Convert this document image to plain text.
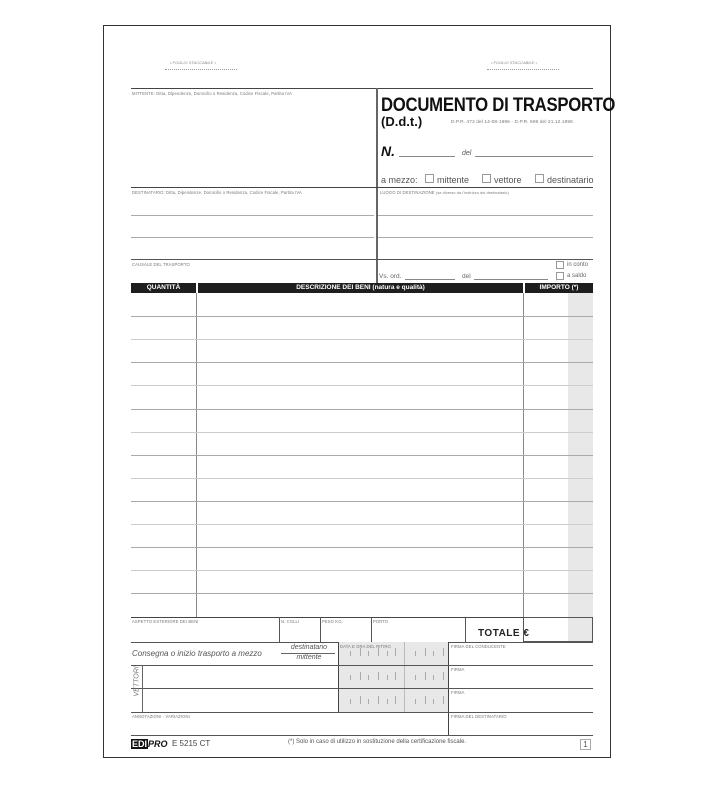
• FOGLIO STACCABILE •	• FOGLIO STACCABILE •
MITTENTE: Ditta, Dipendenze, Domicilio o Residenza, Codice Fiscale, Partita IVA
DOCUMENTO DI TRASPORTO
(D.d.t.)	D.P.R. 472 del 14-08-1996 - D.P.R. 696 del 21.12.1996
N.	del
a mezzo: mittente	vettore	destinatario
DESTINATARIO: Ditta, Dipendenze, Domicilio o Residenza, Codice Fiscale, Partita IVA	LUOGO DI DESTINAZIONE (se diverso da l'indirizzo del destinatario)
CAUSALE DEL TRASPORTO
Vs. ord.	del
in conto
a saldo
QUANTITÀ	DESCRIZIONE DEI BENI (natura e qualità)	IMPORTO (*)
ASPETTO ESTERIORE DEI BENI	N. COLLI	PESO KG.	PORTO
TOTALE €
Consegna o inizio trasporto a mezzo
destinatario
mittente
DATA E ORA DEL RITIRO	FIRMA DEL CONDUCENTE
FIRMA
FIRMA
VETTORI
ANNOTAZIONI - VARIAZIONI	FIRMA DEL DESTINATARIO
EDIPRO E 5215 CT	(*) Solo in caso di utilizzo in sostituzione della certificazione fiscale.	1
